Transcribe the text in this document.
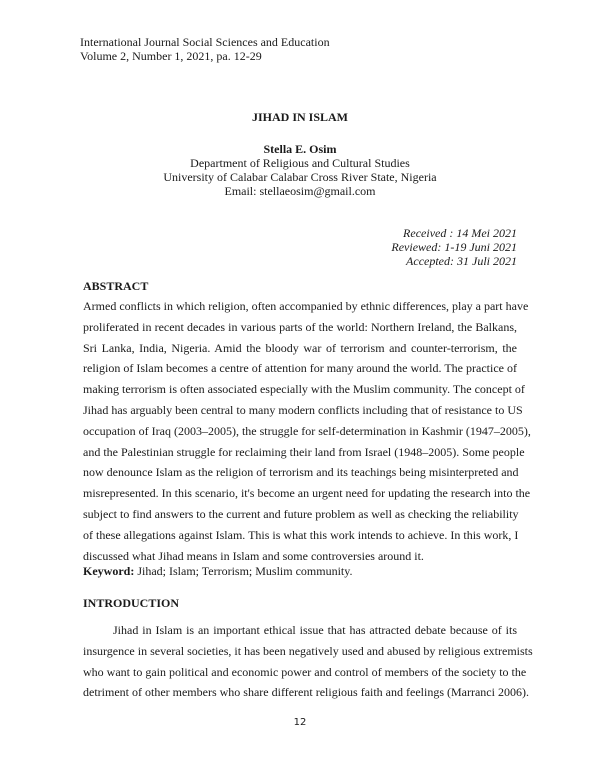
International Journal Social Sciences and Education
Volume 2, Number 1, 2021, pa. 12-29
JIHAD IN ISLAM
Stella E. Osim
Department of Religious and Cultural Studies
University of Calabar Calabar Cross River State, Nigeria
Email: stellaeosim@gmail.com
Received : 14 Mei 2021
Reviewed: 1-19 Juni 2021
Accepted: 31 Juli 2021
ABSTRACT
Armed conflicts in which religion, often accompanied by ethnic differences, play a part have
proliferated in recent decades in various parts of the world: Northern Ireland, the Balkans,
Sri Lanka, India, Nigeria. Amid the bloody war of terrorism and counter-terrorism, the
religion of Islam becomes a centre of attention for many around the world. The practice of
making terrorism is often associated especially with the Muslim community. The concept of
Jihad has arguably been central to many modern conflicts including that of resistance to US
occupation of Iraq (2003–2005), the struggle for self-determination in Kashmir (1947–2005),
and the Palestinian struggle for reclaiming their land from Israel (1948–2005). Some people
now denounce Islam as the religion of terrorism and its teachings being misinterpreted and
misrepresented. In this scenario, it's become an urgent need for updating the research into the
subject to find answers to the current and future problem as well as checking the reliability
of these allegations against Islam. This is what this work intends to achieve. In this work, I
discussed what Jihad means in Islam and some controversies around it.
Keyword: Jihad; Islam; Terrorism; Muslim community.
INTRODUCTION
Jihad in Islam is an important ethical issue that has attracted debate because of its
insurgence in several societies, it has been negatively used and abused by religious extremists
who want to gain political and economic power and control of members of the society to the
detriment of other members who share different religious faith and feelings (Marranci 2006).
12
